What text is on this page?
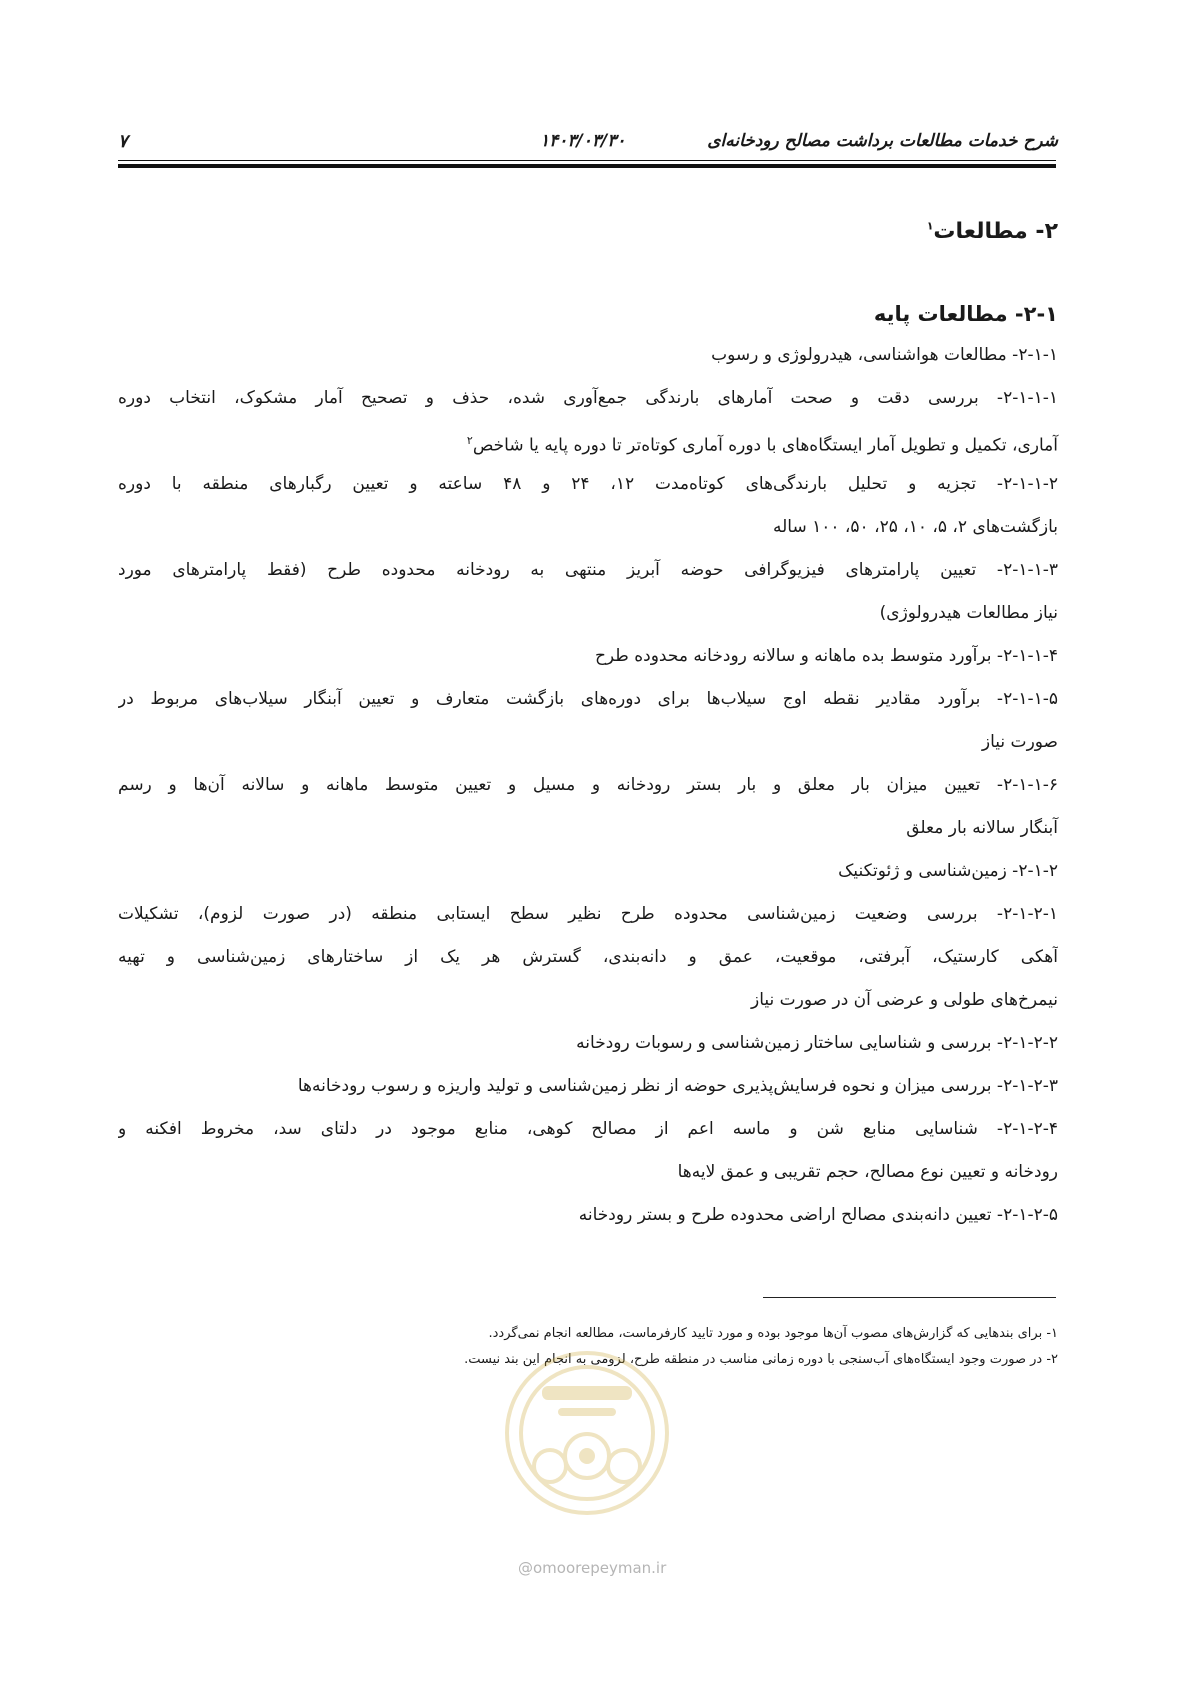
شرح خدمات مطالعات برداشت مصالح رودخانه‌ای
۱۴۰۳/۰۳/۳۰
۷
۲- مطالعات$^۱$
۲-۱- مطالعات پایه
۲-۱-۱- مطالعات هواشناسی، هیدرولوژی و رسوب
۲-۱-۱-۱- بررسی دقت و صحت آمارهای بارندگی جمع‌آوری شده، حذف و تصحیح آمار مشکوک، انتخاب دوره
آماری، تکمیل و تطویل آمار ایستگاه‌های با دوره آماری کوتاه‌تر تا دوره پایه یا شاخص$^۲$
۲-۱-۱-۲- تجزیه و تحلیل بارندگی‌های کوتاه‌مدت ۱۲، ۲۴ و ۴۸ ساعته و تعیین رگبارهای منطقه با دوره
بازگشت‌های ۲، ۵، ۱۰، ۲۵، ۵۰، ۱۰۰ ساله
۲-۱-۱-۳- تعیین پارامترهای فیزیوگرافی حوضه آبریز منتهی به رودخانه محدوده طرح (فقط پارامترهای مورد
نیاز مطالعات هیدرولوژی)
۲-۱-۱-۴- برآورد متوسط بده ماهانه و سالانه رودخانه محدوده طرح
۲-۱-۱-۵- برآورد مقادیر نقطه اوج سیلاب‌ها برای دوره‌های بازگشت متعارف و تعیین آبنگار سیلاب‌های مربوط در
صورت نیاز
۲-۱-۱-۶- تعیین میزان بار معلق و بار بستر رودخانه و مسیل و تعیین متوسط ماهانه و سالانه آن‌ها و رسم
آبنگار سالانه بار معلق
۲-۱-۲- زمین‌شناسی و ژئوتکنیک
۲-۱-۲-۱- بررسی وضعیت زمین‌شناسی محدوده طرح نظیر سطح ایستابی منطقه (در صورت لزوم)، تشکیلات
آهکی کارستیک، آبرفتی، موقعیت، عمق و دانه‌بندی، گسترش هر یک از ساختارهای زمین‌شناسی و تهیه
نیمرخ‌های طولی و عرضی آن در صورت نیاز
۲-۱-۲-۲- بررسی و شناسایی ساختار زمین‌شناسی و رسوبات رودخانه
۲-۱-۲-۳- بررسی میزان و نحوه فرسایش‌پذیری حوضه از نظر زمین‌شناسی و تولید واریزه و رسوب رودخانه‌ها
۲-۱-۲-۴- شناسایی منابع شن و ماسه اعم از مصالح کوهی، منابع موجود در دلتای سد، مخروط افکنه و
رودخانه و تعیین نوع مصالح، حجم تقریبی و عمق لایه‌ها
۲-۱-۲-۵- تعیین دانه‌بندی مصالح اراضی محدوده طرح و بستر رودخانه
۱- برای بندهایی که گزارش‌های مصوب آن‌ها موجود بوده و مورد تایید کارفرماست، مطالعه انجام نمی‌گردد.
۲- در صورت وجود ایستگاه‌های آب‌سنجی با دوره زمانی مناسب در منطقه طرح، لزومی به انجام این بند نیست.
@omoorepeyman.ir
